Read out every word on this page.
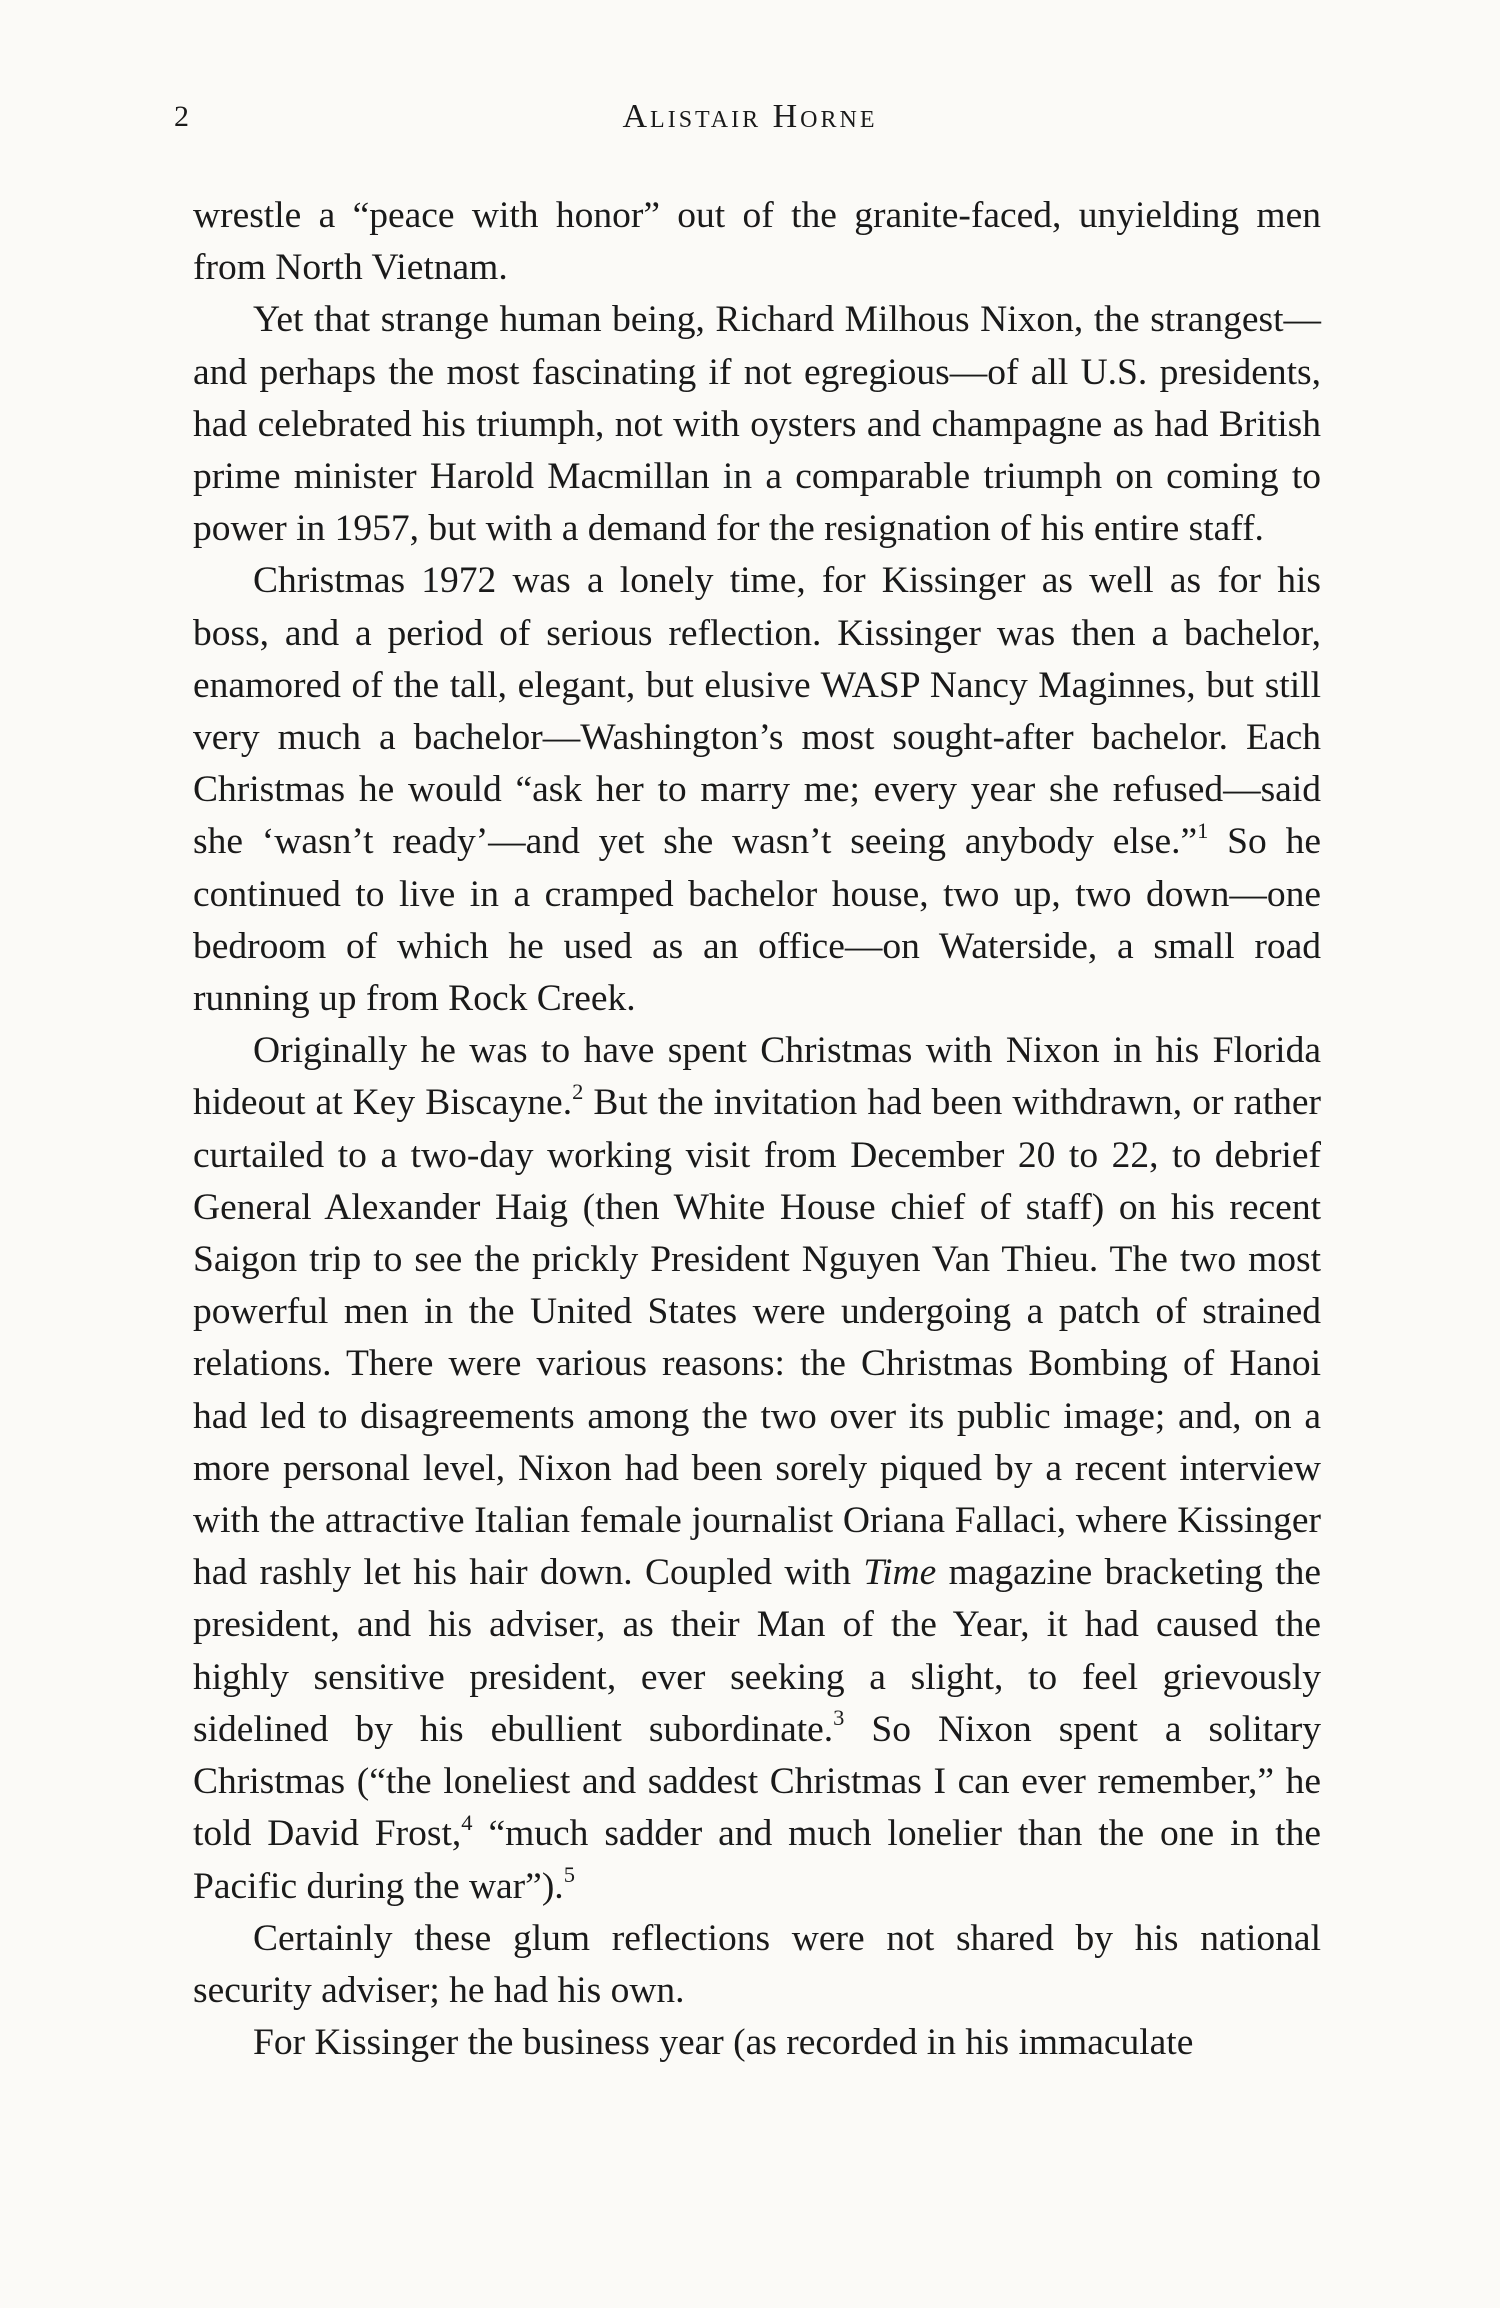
2	Alistair Horne

wrestle a “peace with honor” out of the granite-faced, unyielding men from North Vietnam.

Yet that strange human being, Richard Milhous Nixon, the strangest—and perhaps the most fascinating if not egregious—of all U.S. presidents, had celebrated his triumph, not with oysters and champagne as had British prime minister Harold Macmillan in a comparable triumph on coming to power in 1957, but with a demand for the resignation of his entire staff.

Christmas 1972 was a lonely time, for Kissinger as well as for his boss, and a period of serious reflection. Kissinger was then a bachelor, enamored of the tall, elegant, but elusive WASP Nancy Maginnes, but still very much a bachelor—Washington’s most sought-after bachelor. Each Christmas he would “ask her to marry me; every year she refused—said she ‘wasn’t ready’—and yet she wasn’t seeing anybody else.”$^1$ So he continued to live in a cramped bachelor house, two up, two down—one bedroom of which he used as an office—on Waterside, a small road running up from Rock Creek.

Originally he was to have spent Christmas with Nixon in his Florida hideout at Key Biscayne.$^2$ But the invitation had been withdrawn, or rather curtailed to a two-day working visit from December 20 to 22, to debrief General Alexander Haig (then White House chief of staff) on his recent Saigon trip to see the prickly President Nguyen Van Thieu. The two most powerful men in the United States were undergoing a patch of strained relations. There were various reasons: the Christmas Bombing of Hanoi had led to disagreements among the two over its public image; and, on a more personal level, Nixon had been sorely piqued by a recent interview with the attractive Italian female journalist Oriana Fallaci, where Kissinger had rashly let his hair down. Coupled with Time magazine bracketing the president, and his adviser, as their Man of the Year, it had caused the highly sensitive president, ever seeking a slight, to feel grievously sidelined by his ebullient subordinate.$^3$ So Nixon spent a solitary Christmas (“the loneliest and saddest Christmas I can ever remember,” he told David Frost,$^4$ “much sadder and much lonelier than the one in the Pacific during the war”).$^5$

Certainly these glum reflections were not shared by his national security adviser; he had his own.

For Kissinger the business year (as recorded in his immaculate
